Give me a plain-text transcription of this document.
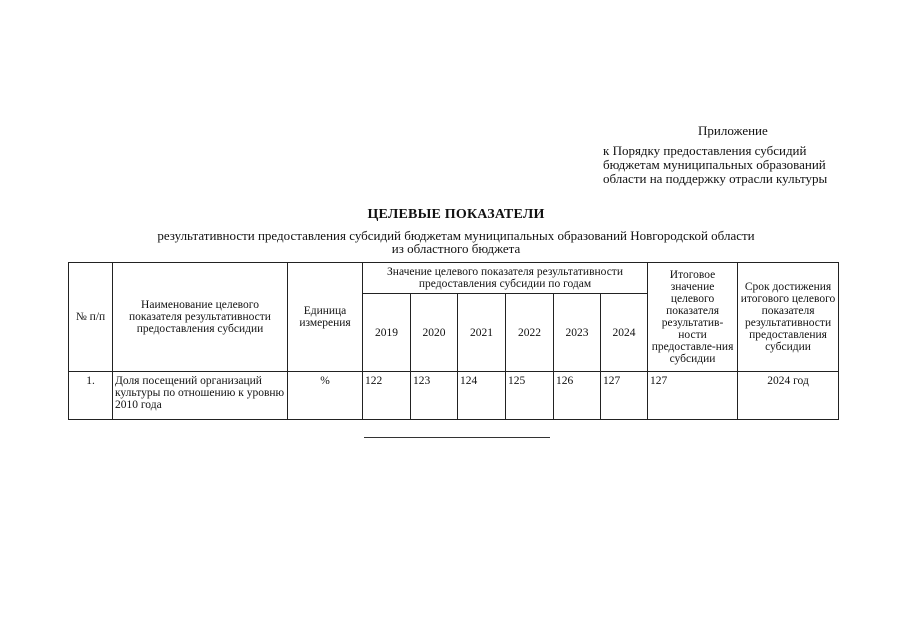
Приложение
к Порядку предоставления субсидий
бюджетам муниципальных образований
области на поддержку отрасли культуры
ЦЕЛЕВЫЕ ПОКАЗАТЕЛИ
результативности предоставления субсидий бюджетам муниципальных образований Новгородской области
из областного бюджета
№ п/п	Наименование целевого показателя результативности предоставления субсидии	Единица измерения	Значение целевого показателя результативности предоставления субсидии по годам						Итоговое значение целевого показателя результатив-ности предоставле-ния субсидии	Срок достижения итогового целевого показателя результативности предоставления субсидии
			2019	2020	2021	2022	2023	2024		
1.	Доля посещений организаций культуры по отношению к уровню 2010 года	%	122	123	124	125	126	127	127	2024 год
